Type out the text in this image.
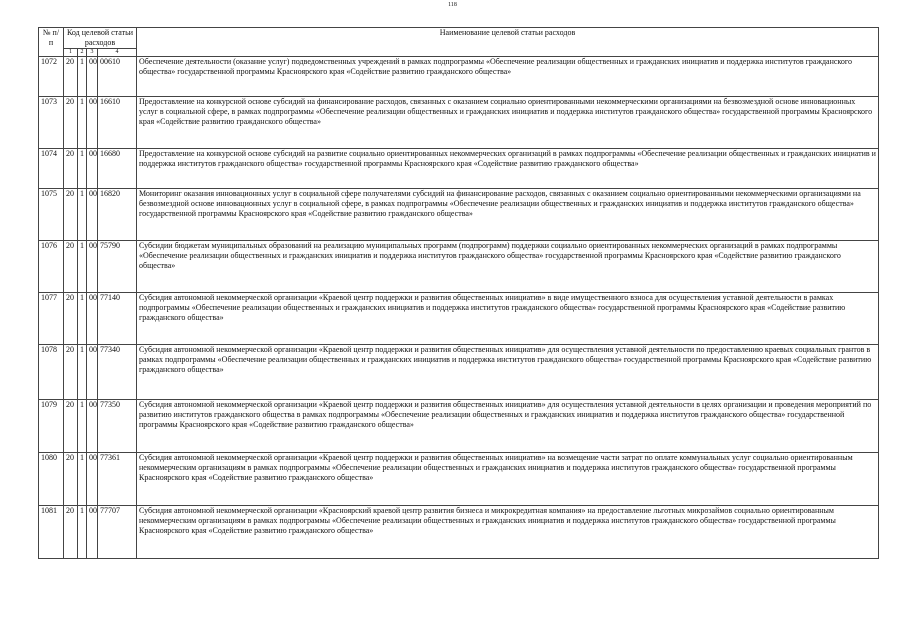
118
№ п/п	Код целевой статьи расходов				Наименование целевой статьи расходов
	1	2	3	4	
1072	20	1	00	00610	Обеспечение деятельности (оказание услуг) подведомственных учреждений в рамках подпрограммы «Обеспечение реализации общественных и гражданских инициатив и поддержка институтов гражданского общества» государственной программы Красноярского края «Содействие развитию гражданского общества»
1073	20	1	00	16610	Предоставление на конкурсной основе субсидий на финансирование расходов, связанных с оказанием социально ориентированными некоммерческими организациями на безвозмездной основе инновационных услуг в социальной сфере, в рамках подпрограммы «Обеспечение реализации общественных и гражданских инициатив и поддержка институтов гражданского общества» государственной программы Красноярского края «Содействие развитию гражданского общества»
1074	20	1	00	16680	Предоставление на конкурсной основе субсидий на развитие социально ориентированных некоммерческих организаций в рамках подпрограммы «Обеспечение реализации общественных и гражданских инициатив и поддержка институтов гражданского общества» государственной программы Красноярского края «Содействие развитию гражданского общества»
1075	20	1	00	16820	Мониторинг оказания инновационных услуг в социальной сфере получателями субсидий на финансирование расходов, связанных с оказанием социально ориентированными некоммерческими организациями на безвозмездной основе инновационных услуг в социальной сфере, в рамках подпрограммы «Обеспечение реализации общественных и гражданских инициатив и поддержка институтов гражданского общества» государственной программы Красноярского края «Содействие развитию гражданского общества»
1076	20	1	00	75790	Субсидии бюджетам муниципальных образований на реализацию муниципальных программ (подпрограмм) поддержки социально ориентированных некоммерческих организаций в рамках подпрограммы «Обеспечение реализации общественных и гражданских инициатив и поддержка институтов гражданского общества» государственной программы Красноярского края «Содействие развитию гражданского общества»
1077	20	1	00	77140	Субсидия автономной некоммерческой организации «Краевой центр поддержки и развития общественных инициатив» в виде имущественного взноса для осуществления уставной деятельности в рамках подпрограммы «Обеспечение реализации общественных и гражданских инициатив и поддержка институтов гражданского общества» государственной программы Красноярского края «Содействие развитию гражданского общества»
1078	20	1	00	77340	Субсидия автономной некоммерческой организации «Краевой центр поддержки и развития общественных инициатив» для осуществления уставной деятельности по предоставлению краевых социальных грантов в рамках подпрограммы «Обеспечение реализации общественных и гражданских инициатив и поддержка институтов гражданского общества» государственной программы Красноярского края «Содействие развитию гражданского общества»
1079	20	1	00	77350	Субсидия автономной некоммерческой организации «Краевой центр поддержки и развития общественных инициатив» для осуществления уставной деятельности в целях организации и проведения мероприятий по развитию институтов гражданского общества в рамках подпрограммы «Обеспечение реализации общественных и гражданских инициатив и поддержка институтов гражданского общества» государственной программы Красноярского края «Содействие развитию гражданского общества»
1080	20	1	00	77361	Субсидия автономной некоммерческой организации «Краевой центр поддержки и развития общественных инициатив» на возмещение части затрат по оплате коммунальных услуг социально ориентированным некоммерческим организациям в рамках подпрограммы «Обеспечение реализации общественных и гражданских инициатив и поддержка институтов гражданского общества» государственной программы Красноярского края «Содействие развитию гражданского общества»
1081	20	1	00	77707	Субсидия автономной некоммерческой организации «Красноярский краевой центр развития бизнеса и микрокредитная компания» на предоставление льготных микрозаймов социально ориентированным некоммерческим организациям в рамках подпрограммы «Обеспечение реализации общественных и гражданских инициатив и поддержка институтов гражданского общества» государственной программы Красноярского края «Содействие развитию гражданского общества»
